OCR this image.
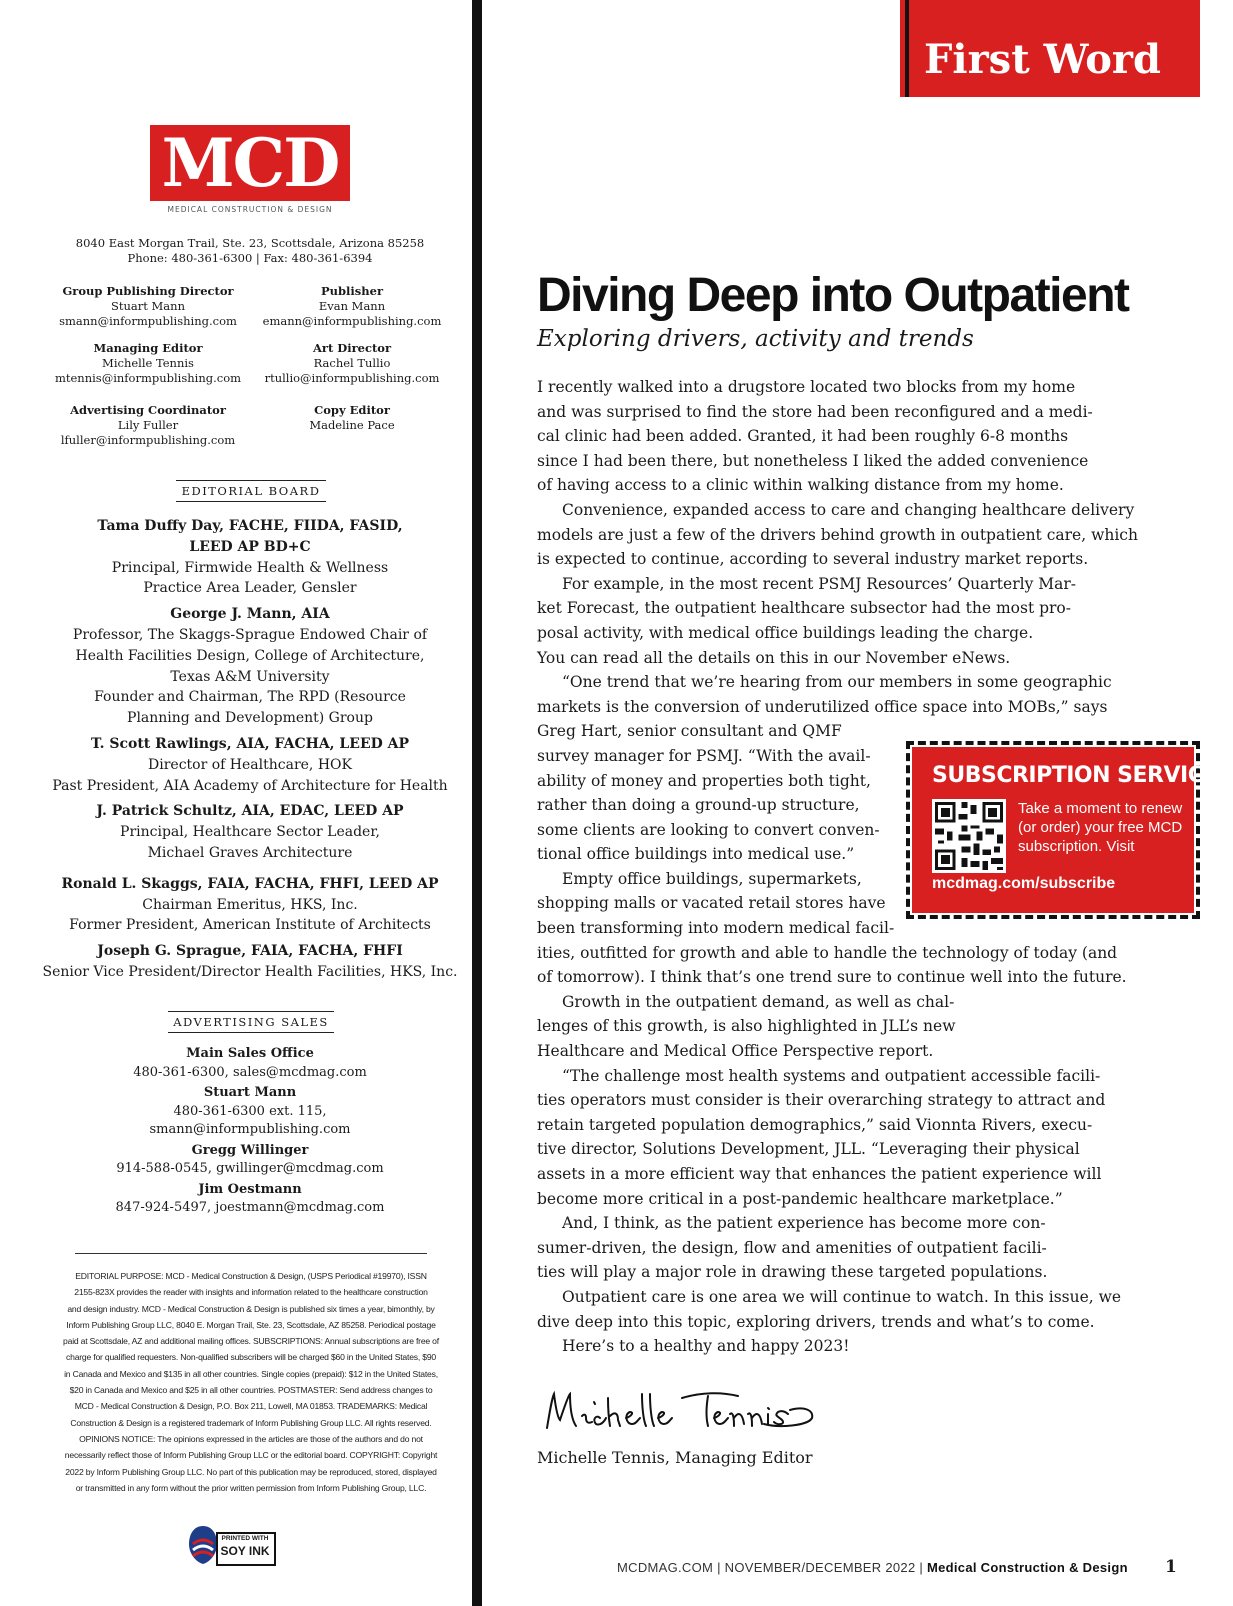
MCD
MEDICAL CONSTRUCTION & DESIGN
8040 East Morgan Trail, Ste. 23, Scottsdale, Arizona 85258
Phone: 480-361-6300 | Fax: 480-361-6394
Group Publishing Director
Stuart Mann
smann@informpublishing.com
Publisher
Evan Mann
emann@informpublishing.com
Managing Editor
Michelle Tennis
mtennis@informpublishing.com
Art Director
Rachel Tullio
rtullio@informpublishing.com
Advertising Coordinator
Lily Fuller
lfuller@informpublishing.com
Copy Editor
Madeline Pace
EDITORIAL BOARD
Tama Duffy Day, FACHE, FIIDA, FASID,
LEED AP BD+C
Principal, Firmwide Health & Wellness
Practice Area Leader, Gensler
George J. Mann, AIA
Professor, The Skaggs-Sprague Endowed Chair of
Health Facilities Design, College of Architecture,
Texas A&M University
Founder and Chairman, The RPD (Resource
Planning and Development) Group
T. Scott Rawlings, AIA, FACHA, LEED AP
Director of Healthcare, HOK
Past President, AIA Academy of Architecture for Health
J. Patrick Schultz, AIA, EDAC, LEED AP
Principal, Healthcare Sector Leader,
Michael Graves Architecture
Ronald L. Skaggs, FAIA, FACHA, FHFI, LEED AP
Chairman Emeritus, HKS, Inc.
Former President, American Institute of Architects
Joseph G. Sprague, FAIA, FACHA, FHFI
Senior Vice President/Director Health Facilities, HKS, Inc.
ADVERTISING SALES
Main Sales Office
480-361-6300, sales@mcdmag.com
Stuart Mann
480-361-6300 ext. 115,
smann@informpublishing.com
Gregg Willinger
914-588-0545, gwillinger@mcdmag.com
Jim Oestmann
847-924-5497, joestmann@mcdmag.com

EDITORIAL PURPOSE: MCD - Medical Construction & Design, (USPS Periodical #19970), ISSN

2155-823X provides the reader with insights and information related to the healthcare construction

and design industry. MCD - Medical Construction & Design is published six times a year, bimonthly, by

Inform Publishing Group LLC, 8040 E. Morgan Trail, Ste. 23, Scottsdale, AZ 85258. Periodical postage

paid at Scottsdale, AZ and additional mailing offices. SUBSCRIPTIONS: Annual subscriptions are free of

charge for qualified requesters. Non-qualified subscribers will be charged $60 in the United States, $90

in Canada and Mexico and $135 in all other countries. Single copies (prepaid): $12 in the United States,

$20 in Canada and Mexico and $25 in all other countries. POSTMASTER: Send address changes to

MCD - Medical Construction & Design, P.O. Box 211, Lowell, MA 01853. TRADEMARKS: Medical

Construction & Design is a registered trademark of Inform Publishing Group LLC. All rights reserved.

OPINIONS NOTICE: The opinions expressed in the articles are those of the authors and do not

necessarily reflect those of Inform Publishing Group LLC or the editorial board. COPYRIGHT: Copyright

2022 by Inform Publishing Group LLC. No part of this publication may be reproduced, stored, displayed

or transmitted in any form without the prior written permission from Inform Publishing Group, LLC.

PRINTED WITH
SOY INK
First Word
Diving Deep into Outpatient
Exploring drivers, activity and trends

I recently walked into a drugstore located two blocks from my home
and was surprised to find the store had been reconfigured and a medi-
cal clinic had been added. Granted, it had been roughly 6-8 months
since I had been there, but nonetheless I liked the added convenience
of having access to a clinic within walking distance from my home.

Convenience, expanded access to care and changing healthcare delivery
models are just a few of the drivers behind growth in outpatient care, which
is expected to continue, according to several industry market reports.

For example, in the most recent PSMJ Resources’ Quarterly Mar-
ket Forecast, the outpatient healthcare subsector had the most pro-
posal activity, with medical office buildings leading the charge.
You can read all the details on this in our November eNews.

“One trend that we’re hearing from our members in some geographic
markets is the conversion of underutilized office space into MOBs,” says
Greg Hart, senior consultant and QMF
survey manager for PSMJ. “With the avail-
ability of money and properties both tight,
rather than doing a ground-up structure,
some clients are looking to convert conven-
tional office buildings into medical use.”

Empty office buildings, supermarkets,
shopping malls or vacated retail stores have
been transforming into modern medical facil-
ities, outfitted for growth and able to handle the technology of today (and
of tomorrow). I think that’s one trend sure to continue well into the future.

Growth in the outpatient demand, as well as chal-
lenges of this growth, is also highlighted in JLL’s new
Healthcare and Medical Office Perspective report.

“The challenge most health systems and outpatient accessible facili-
ties operators must consider is their overarching strategy to attract and
retain targeted population demographics,” said Vionnta Rivers, execu-
tive director, Solutions Development, JLL. “Leveraging their physical
assets in a more efficient way that enhances the patient experience will
become more critical in a post-pandemic healthcare marketplace.”

And, I think, as the patient experience has become more con-
sumer-driven, the design, flow and amenities of outpatient facili-
ties will play a major role in drawing these targeted populations.

Outpatient care is one area we will continue to watch. In this issue, we
dive deep into this topic, exploring drivers, trends and what’s to come.

Here’s to a healthy and happy 2023!

SUBSCRIPTION SERVICES
Take a moment to renew (or order) your free MCD subscription. Visit
mcdmag.com/subscribe
Michelle Tennis, Managing Editor
MCDMAG.COM | NOVEMBER/DECEMBER 2022 | Medical Construction & Design 1
